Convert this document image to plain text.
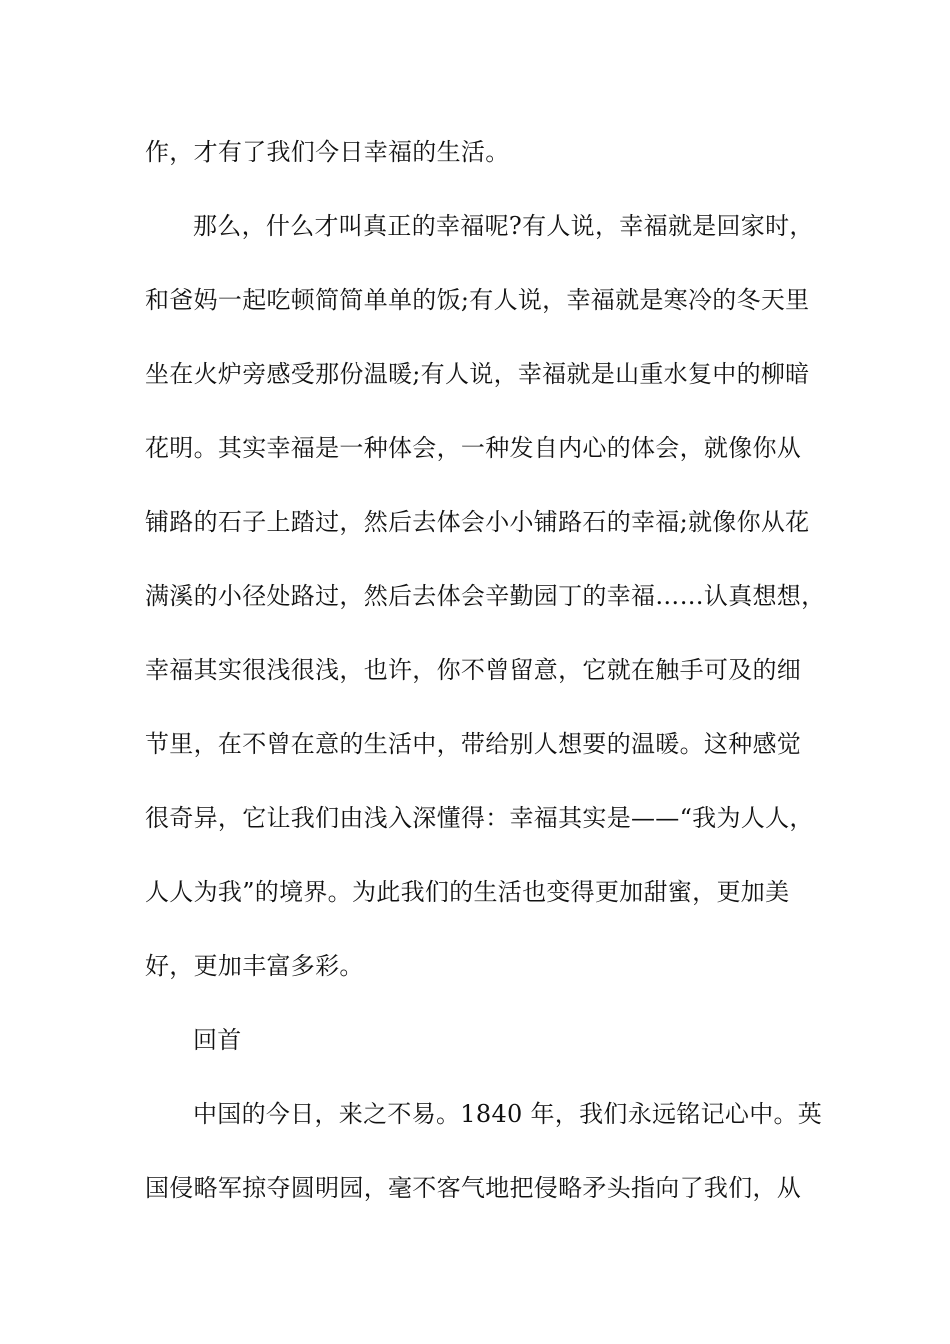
作，才有了我们今日幸福的生活。
那么，什么才叫真正的幸福呢?有人说，幸福就是回家时，
和爸妈一起吃顿简简单单的饭;有人说，幸福就是寒冷的冬天里
坐在火炉旁感受那份温暖;有人说，幸福就是山重水复中的柳暗
花明。其实幸福是一种体会，一种发自内心的体会，就像你从
铺路的石子上踏过，然后去体会小小铺路石的幸福;就像你从花
满溪的小径处路过，然后去体会辛勤园丁的幸福……认真想想，
幸福其实很浅很浅，也许，你不曾留意，它就在触手可及的细
节里，在不曾在意的生活中，带给别人想要的温暖。这种感觉
很奇异，它让我们由浅入深懂得：幸福其实是——“我为人人，
人人为我”的境界。为此我们的生活也变得更加甜蜜，更加美
好，更加丰富多彩。
回首
中国的今日，来之不易。1840 年，我们永远铭记心中。英
国侵略军掠夺圆明园，毫不客气地把侵略矛头指向了我们，从
